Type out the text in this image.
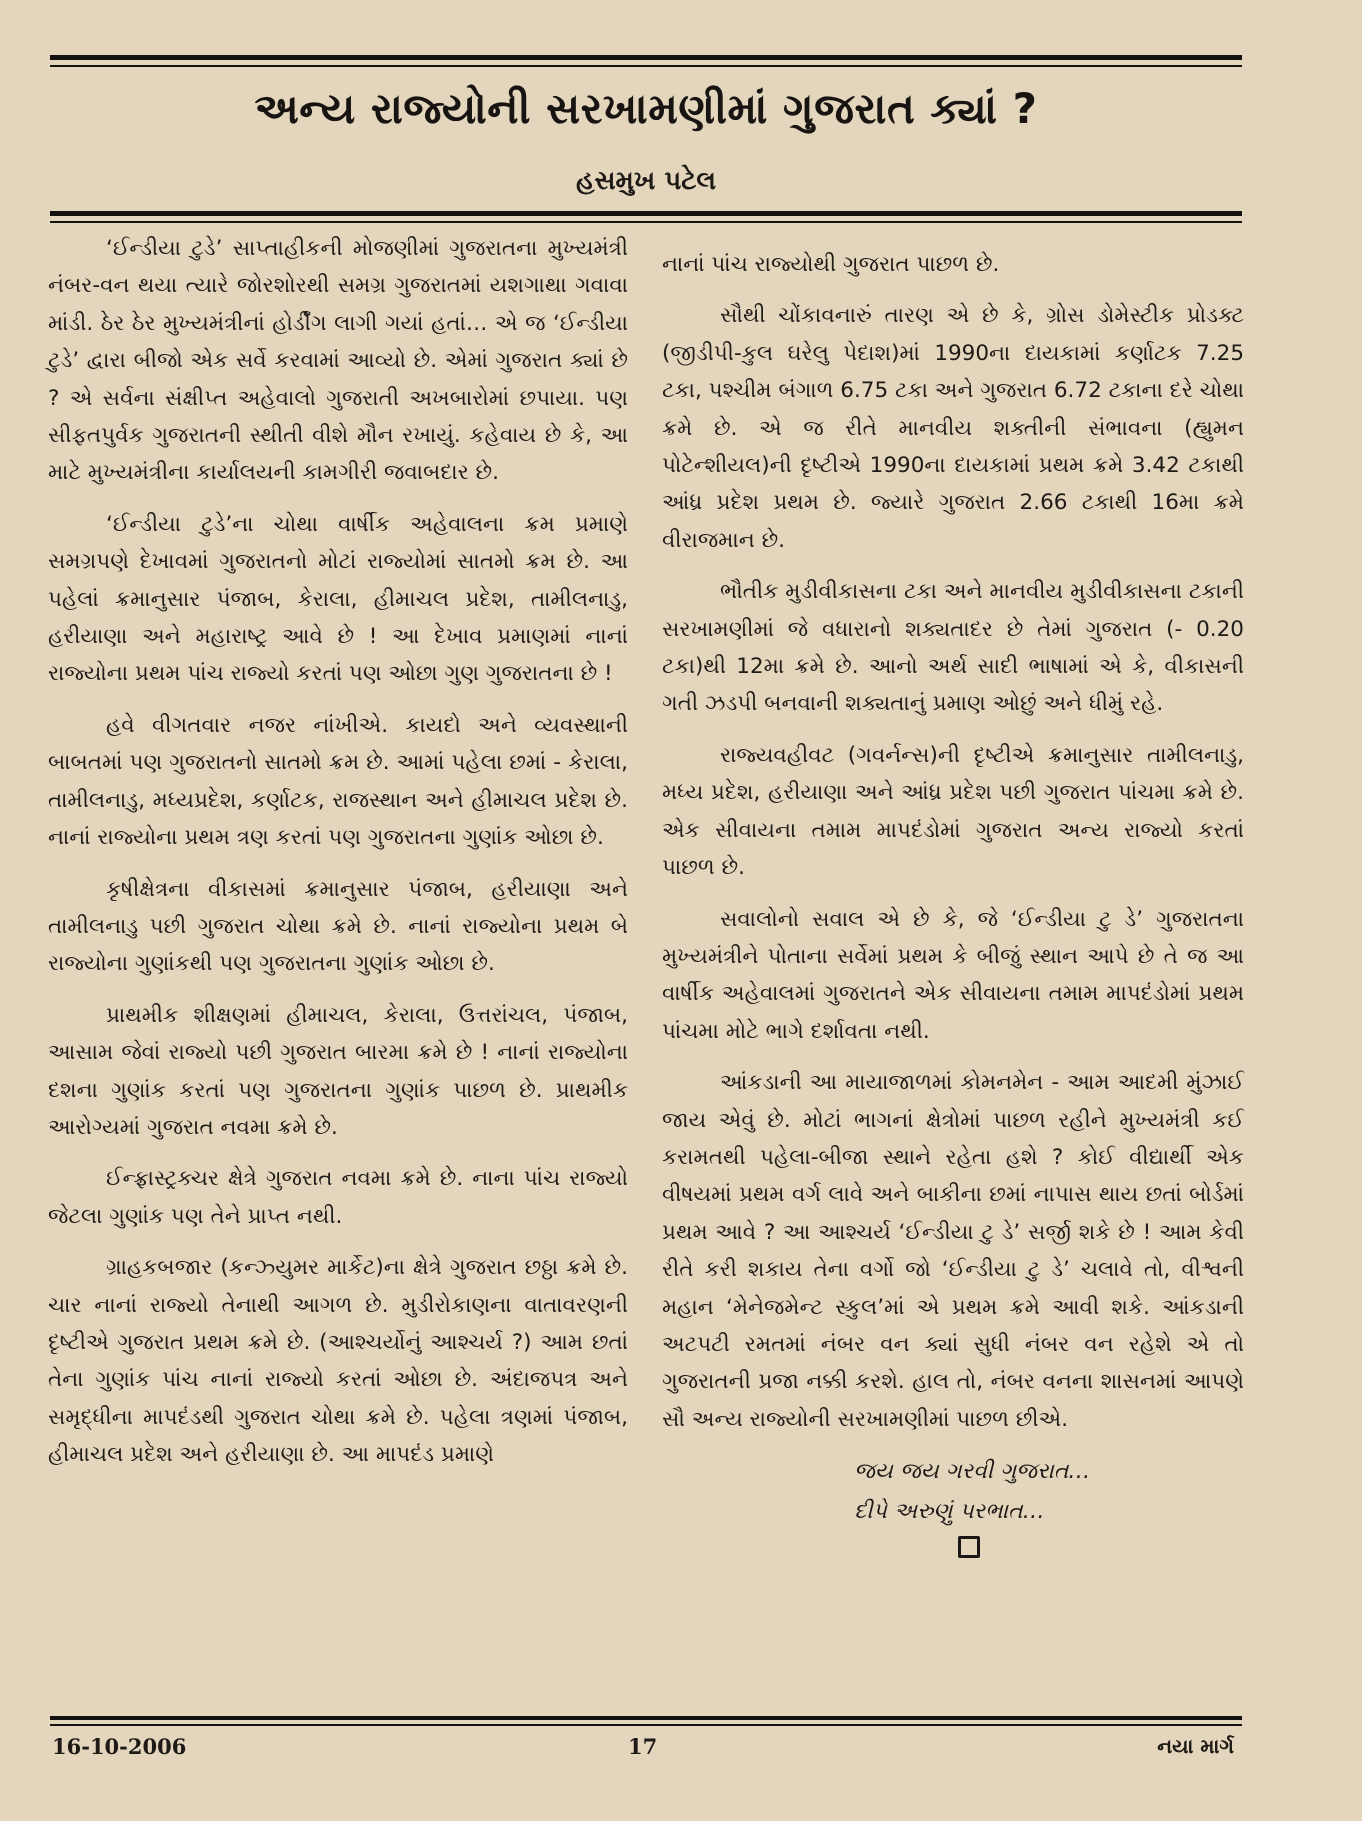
અન્ય રાજ્યોની સરખામણીમાં ગુજરાત ક્યાં ?
હસમુખ પટેલ

‘ઈન્ડીયા ટુડે’ સાપ્તાહીકની મોજણીમાં ગુજરાતના મુખ્યમંત્રી નંબર-વન થયા ત્યારે જોરશોરથી સમગ્ર ગુજરાતમાં યશગાથા ગવાવા માંડી. ઠેર ઠેર મુખ્યમંત્રીનાં હોર્ડીંગ લાગી ગયાં હતાં… એ જ ‘ઈન્ડીયા ટુડે’ દ્વારા બીજો એક સર્વે કરવામાં આવ્યો છે. એમાં ગુજરાત ક્યાં છે ? એ સર્વના સંક્ષીપ્ત અહેવાલો ગુજરાતી અખબારોમાં છપાયા. પણ સીફતપુર્વક ગુજરાતની સ્થીતી વીશે મૌન રખાયું. કહેવાય છે કે, આ માટે મુખ્યમંત્રીના કાર્યાલયની કામગીરી જવાબદાર છે.

‘ઈન્ડીયા ટુડે’ના ચોથા વાર્ષીક અહેવાલના ક્રમ પ્રમાણે સમગ્રપણે દેખાવમાં ગુજરાતનો મોટાં રાજ્યોમાં સાતમો ક્રમ છે. આ પહેલાં ક્રમાનુસાર પંજાબ, કેરાલા, હીમાચલ પ્રદેશ, તામીલનાડુ, હરીયાણા અને મહારાષ્ટ્ર આવે છે ! આ દેખાવ પ્રમાણમાં નાનાં રાજ્યોના પ્રથમ પાંચ રાજ્યો કરતાં પણ ઓછા ગુણ ગુજરાતના છે !

હવે વીગતવાર નજર નાંખીએ. કાયદો અને વ્યવસ્થાની બાબતમાં પણ ગુજરાતનો સાતમો ક્રમ છે. આમાં પહેલા છમાં - કેરાલા, તામીલનાડુ, મધ્યપ્રદેશ, કર્ણાટક, રાજસ્થાન અને હીમાચલ પ્રદેશ છે. નાનાં રાજ્યોના પ્રથમ ત્રણ કરતાં પણ ગુજરાતના ગુણાંક ઓછા છે.

કૃષીક્ષેત્રના વીકાસમાં ક્રમાનુસાર પંજાબ, હરીયાણા અને તામીલનાડુ પછી ગુજરાત ચોથા ક્રમે છે. નાનાં રાજ્યોના પ્રથમ બે રાજ્યોના ગુણાંકથી પણ ગુજરાતના ગુણાંક ઓછા છે.

પ્રાથમીક શીક્ષણમાં હીમાચલ, કેરાલા, ઉત્તરાંચલ, પંજાબ, આસામ જેવાં રાજ્યો પછી ગુજરાત બારમા ક્રમે છે ! નાનાં રાજ્યોના દશના ગુણાંક કરતાં પણ ગુજરાતના ગુણાંક પાછળ છે. પ્રાથમીક આરોગ્યમાં ગુજરાત નવમા ક્રમે છે.

ઈન્ફ્રાસ્ટ્રક્ચર ક્ષેત્રે ગુજરાત નવમા ક્રમે છે. નાના પાંચ રાજ્યો જેટલા ગુણાંક પણ તેને પ્રાપ્ત નથી.

ગ્રાહકબજાર (કન્ઝ્યુમર માર્કેટ)ના ક્ષેત્રે ગુજરાત છઠ્ઠા ક્રમે છે. ચાર નાનાં રાજ્યો તેનાથી આગળ છે. મુડીરોકાણના વાતાવરણની દૃષ્ટીએ ગુજરાત પ્રથમ ક્રમે છે. (આશ્ચર્યોનું આશ્ચર્ય ?) આમ છતાં તેના ગુણાંક પાંચ નાનાં રાજ્યો કરતાં ઓછા છે. અંદાજપત્ર અને સમૃદ્ધીના માપદંડથી ગુજરાત ચોથા ક્રમે છે. પહેલા ત્રણમાં પંજાબ, હીમાચલ પ્રદેશ અને હરીયાણા છે. આ માપદંડ પ્રમાણે

નાનાં પાંચ રાજ્યોથી ગુજરાત પાછળ છે.

સૌથી ચોંકાવનારું તારણ એ છે કે, ગ્રોસ ડોમેસ્ટીક પ્રોડક્ટ (જીડીપી-કુલ ઘરેલુ પેદાશ)માં 1990ના દાયકામાં કર્ણાટક 7.25 ટકા, પશ્ચીમ બંગાળ 6.75 ટકા અને ગુજરાત 6.72 ટકાના દરે ચોથા ક્રમે છે. એ જ રીતે માનવીય શક્તીની સંભાવના (હ્યુમન પોટેન્શીયલ)ની દૃષ્ટીએ 1990ના દાયકામાં પ્રથમ ક્રમે 3.42 ટકાથી આંધ્ર પ્રદેશ પ્રથમ છે. જ્યારે ગુજરાત 2.66 ટકાથી 16મા ક્રમે વીરાજમાન છે.

ભૌતીક મુડીવીકાસના ટકા અને માનવીય મુડીવીકાસના ટકાની સરખામણીમાં જે વધારાનો શક્યતાદર છે તેમાં ગુજરાત (- 0.20 ટકા)થી 12મા ક્રમે છે. આનો અર્થ સાદી ભાષામાં એ કે, વીકાસની ગતી ઝડપી બનવાની શક્યતાનું પ્રમાણ ઓછું અને ધીમું રહે.

રાજ્યવહીવટ (ગવર્નન્સ)ની દૃષ્ટીએ ક્રમાનુસાર તામીલનાડુ, મધ્ય પ્રદેશ, હરીયાણા અને આંધ્ર પ્રદેશ પછી ગુજરાત પાંચમા ક્રમે છે. એક સીવાયના તમામ માપદંડોમાં ગુજરાત અન્ય રાજ્યો કરતાં પાછળ છે.

સવાલોનો સવાલ એ છે કે, જે ‘ઈન્ડીયા ટુ ડે’ ગુજરાતના મુખ્યમંત્રીને પોતાના સર્વેમાં પ્રથમ કે બીજું સ્થાન આપે છે તે જ આ વાર્ષીક અહેવાલમાં ગુજરાતને એક સીવાયના તમામ માપદંડોમાં પ્રથમ પાંચમા મોટે ભાગે દર્શાવતા નથી.

આંકડાની આ માયાજાળમાં કોમનમેન - આમ આદમી મુંઝાઈ જાય એવું છે. મોટાં ભાગનાં ક્ષેત્રોમાં પાછળ રહીને મુખ્યમંત્રી કઈ કરામતથી પહેલા-બીજા સ્થાને રહેતા હશે ? કોઈ વીદ્યાર્થી એક વીષયમાં પ્રથમ વર્ગ લાવે અને બાકીના છમાં નાપાસ થાય છતાં બોર્ડમાં પ્રથમ આવે ? આ આશ્ચર્ય ‘ઈન્ડીયા ટુ ડે’ સર્જી શકે છે ! આમ કેવી રીતે કરી શકાય તેના વર્ગો જો ‘ઈન્ડીયા ટુ ડે’ ચલાવે તો, વીશ્વની મહાન ‘મેનેજમેન્ટ સ્કુલ’માં એ પ્રથમ ક્રમે આવી શકે. આંકડાની અટપટી રમતમાં નંબર વન ક્યાં સુધી નંબર વન રહેશે એ તો ગુજરાતની પ્રજા નક્કી કરશે. હાલ તો, નંબર વનના શાસનમાં આપણે સૌ અન્ય રાજ્યોની સરખામણીમાં પાછળ છીએ.

જય જય ગરવી ગુજરાત…
દીપે અરુણું પરભાત…
16-10-2006	17	નયા માર્ગ
